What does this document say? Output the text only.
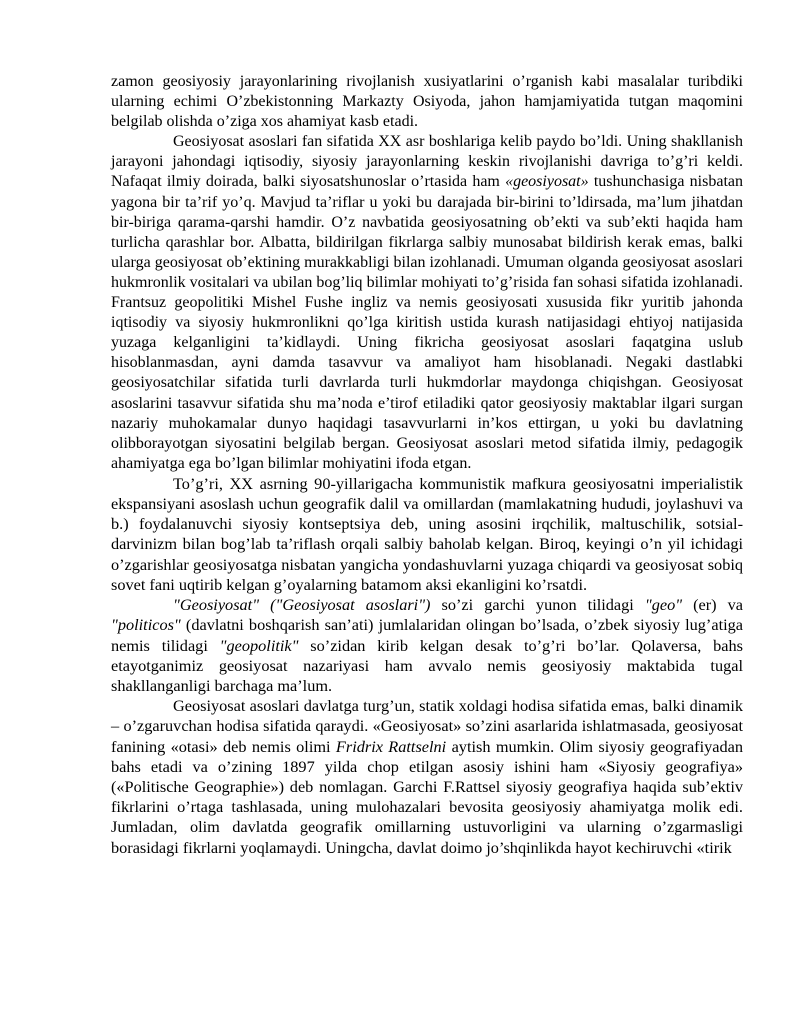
zamon geosiyosiy jarayonlarining rivojlanish xusiyatlarini o’rganish kabi masalalar turibdiki ularning echimi O’zbekistonning Markazty Osiyoda, jahon hamjamiyatida tutgan maqomini belgilab olishda o’ziga xos ahamiyat kasb etadi.

Geosiyosat asoslari fan sifatida XX asr boshlariga kelib paydo bo’ldi. Uning shakllanish jarayoni jahondagi iqtisodiy, siyosiy jarayonlarning keskin rivojlanishi davriga to’g’ri keldi. Nafaqat ilmiy doirada, balki siyosatshunoslar o’rtasida ham «geosiyosat» tushunchasiga nisbatan yagona bir ta’rif yo’q. Mavjud ta’riflar u yoki bu darajada bir-birini to’ldirsada, ma’lum jihatdan bir-biriga qarama-qarshi hamdir. O’z navbatida geosiyosatning ob’ekti va sub’ekti haqida ham turlicha qarashlar bor. Albatta, bildirilgan fikrlarga salbiy munosabat bildirish kerak emas, balki ularga geosiyosat ob’ektining murakkabligi bilan izohlanadi. Umuman olganda geosiyosat asoslari hukmronlik vositalari va ubilan bog’liq bilimlar mohiyati to’g’risida fan sohasi sifatida izohlanadi. Frantsuz geopolitiki Mishel Fushe ingliz va nemis geosiyosati xususida fikr yuritib jahonda iqtisodiy va siyosiy hukmronlikni qo’lga kiritish ustida kurash natijasidagi ehtiyoj natijasida yuzaga kelganligini ta’kidlaydi. Uning fikricha geosiyosat asoslari faqatgina uslub hisoblanmasdan, ayni damda tasavvur va amaliyot ham hisoblanadi. Negaki dastlabki geosiyosatchilar sifatida turli davrlarda turli hukmdorlar maydonga chiqishgan. Geosiyosat asoslarini tasavvur sifatida shu ma’noda e’tirof etiladiki qator geosiyosiy maktablar ilgari surgan nazariy muhokamalar dunyo haqidagi tasavvurlarni in’kos ettirgan, u yoki bu davlatning olibborayotgan siyosatini belgilab bergan. Geosiyosat asoslari metod sifatida ilmiy, pedagogik ahamiyatga ega bo’lgan bilimlar mohiyatini ifoda etgan.

To’g’ri, XX asrning 90-yillarigacha kommunistik mafkura geosiyosatni imperialistik ekspansiyani asoslash uchun geografik dalil va omillardan (mamlakatning hududi, joylashuvi va b.) foydalanuvchi siyosiy kontseptsiya deb, uning asosini irqchilik, maltuschilik, sotsial-darvinizm bilan bog’lab ta’riflash orqali salbiy baholab kelgan. Biroq, keyingi o’n yil ichidagi o’zgarishlar geosiyosatga nisbatan yangicha yondashuvlarni yuzaga chiqardi va geosiyosat sobiq sovet fani uqtirib kelgan g’oyalarning batamom aksi ekanligini ko’rsatdi.

"Geosiyosat" ("Geosiyosat asoslari") so’zi garchi yunon tilidagi "geo" (er) va "politicos" (davlatni boshqarish san’ati) jumlalaridan olingan bo’lsada, o’zbek siyosiy lug’atiga nemis tilidagi "geopolitik" so’zidan kirib kelgan desak to’g’ri bo’lar. Qolaversa, bahs etayotganimiz geosiyosat nazariyasi ham avvalo nemis geosiyosiy maktabida tugal shakllanganligi barchaga ma’lum.

Geosiyosat asoslari davlatga turg’un, statik xoldagi hodisa sifatida emas, balki dinamik – o’zgaruvchan hodisa sifatida qaraydi. «Geosiyosat» so’zini asarlarida ishlatmasada, geosiyosat fanining «otasi» deb nemis olimi Fridrix Rattselni aytish mumkin. Olim siyosiy geografiyadan bahs etadi va o’zining 1897 yilda chop etilgan asosiy ishini ham «Siyosiy geografiya» («Politische Geographie») deb nomlagan. Garchi F.Rattsel siyosiy geografiya haqida sub’ektiv fikrlarini o’rtaga tashlasada, uning mulohazalari bevosita geosiyosiy ahamiyatga molik edi. Jumladan, olim davlatda geografik omillarning ustuvorligini va ularning o’zgarmasligi borasidagi fikrlarni yoqlamaydi. Uningcha, davlat doimo jo’shqinlikda hayot kechiruvchi «tirik
